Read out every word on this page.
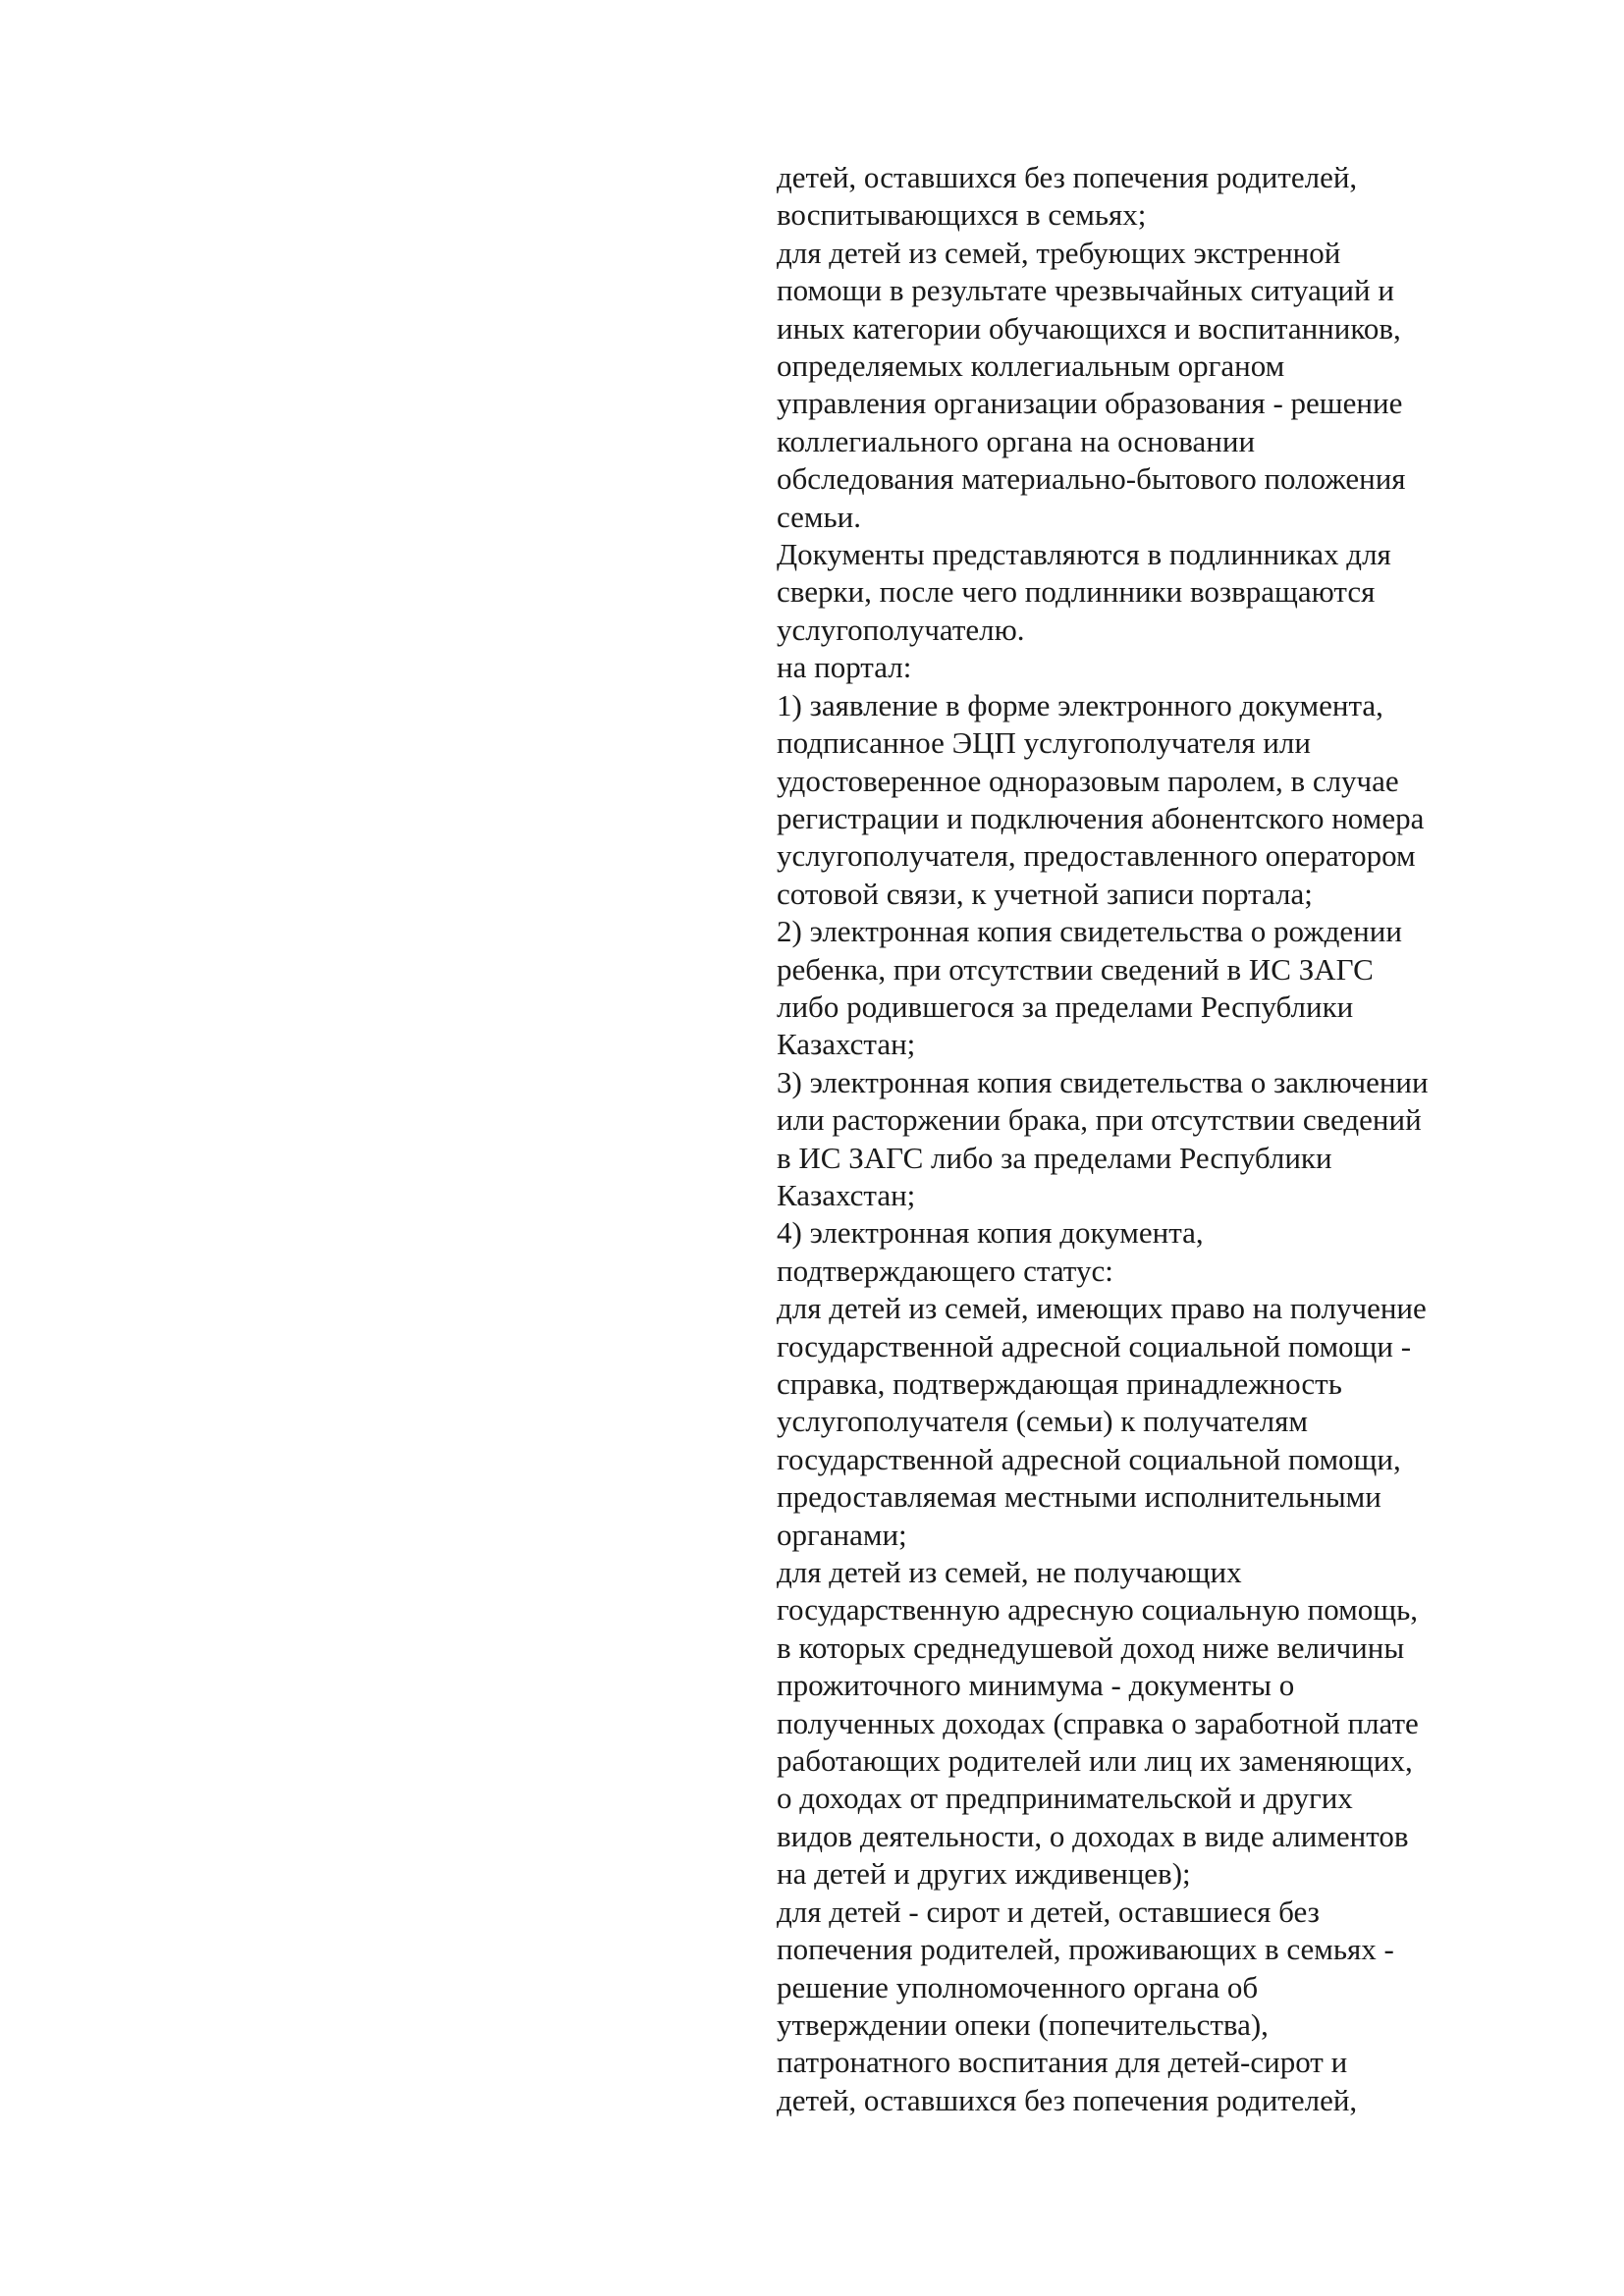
детей, оставшихся без попечения родителей,
воспитывающихся в семьях;
для детей из семей, требующих экстренной
помощи в результате чрезвычайных ситуаций и
иных категории обучающихся и воспитанников,
определяемых коллегиальным органом
управления организации образования - решение
коллегиального органа на основании
обследования материально-бытового положения
семьи.
Документы представляются в подлинниках для
сверки, после чего подлинники возвращаются
услугополучателю.
на портал:
1) заявление в форме электронного документа,
подписанное ЭЦП услугополучателя или
удостоверенное одноразовым паролем, в случае
регистрации и подключения абонентского номера
услугополучателя, предоставленного оператором
сотовой связи, к учетной записи портала;
2) электронная копия свидетельства о рождении
ребенка, при отсутствии сведений в ИС ЗАГС
либо родившегося за пределами Республики
Казахстан;
3) электронная копия свидетельства о заключении
или расторжении брака, при отсутствии сведений
в ИС ЗАГС либо за пределами Республики
Казахстан;
4) электронная копия документа,
подтверждающего статус:
для детей из семей, имеющих право на получение
государственной адресной социальной помощи -
справка, подтверждающая принадлежность
услугополучателя (семьи) к получателям
государственной адресной социальной помощи,
предоставляемая местными исполнительными
органами;
для детей из семей, не получающих
государственную адресную социальную помощь,
в которых среднедушевой доход ниже величины
прожиточного минимума - документы о
полученных доходах (справка о заработной плате
работающих родителей или лиц их заменяющих,
о доходах от предпринимательской и других
видов деятельности, о доходах в виде алиментов
на детей и других иждивенцев);
для детей - сирот и детей, оставшиеся без
попечения родителей, проживающих в семьях -
решение уполномоченного органа об
утверждении опеки (попечительства),
патронатного воспитания для детей-сирот и
детей, оставшихся без попечения родителей,
